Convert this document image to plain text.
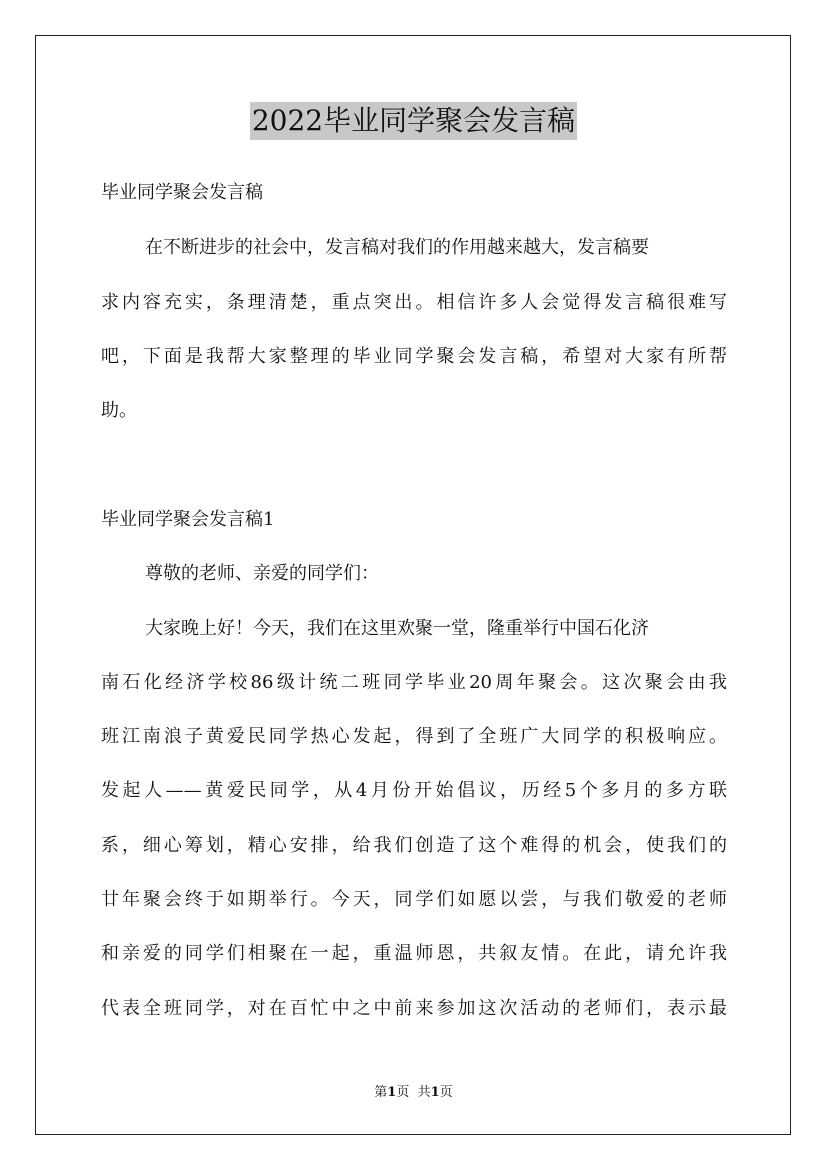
2022毕业同学聚会发言稿
毕业同学聚会发言稿
在不断进步的社会中，发言稿对我们的作用越来越大，发言稿要
求内容充实，条理清楚，重点突出。相信许多人会觉得发言稿很难写
吧，下面是我帮大家整理的毕业同学聚会发言稿，希望对大家有所帮
助。
毕业同学聚会发言稿1
尊敬的老师、亲爱的同学们：
大家晚上好！今天，我们在这里欢聚一堂，隆重举行中国石化济
南石化经济学校86级计统二班同学毕业20周年聚会。这次聚会由我
班江南浪子黄爱民同学热心发起，得到了全班广大同学的积极响应。
发起人——黄爱民同学，从4月份开始倡议，历经5个多月的多方联
系，细心筹划，精心安排，给我们创造了这个难得的机会，使我们的
廿年聚会终于如期举行。今天，同学们如愿以尝，与我们敬爱的老师
和亲爱的同学们相聚在一起，重温师恩，共叙友情。在此，请允许我
代表全班同学，对在百忙中之中前来参加这次活动的老师们，表示最
第1页 共1页
